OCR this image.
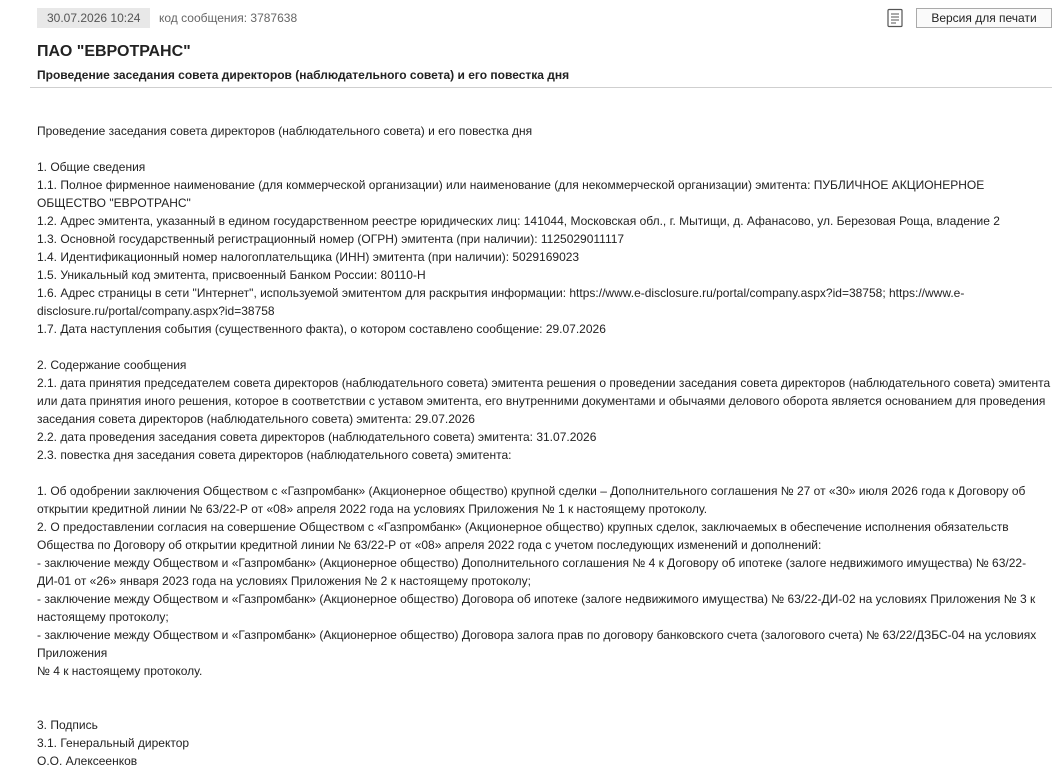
30.07.2026 10:24	код сообщения: 3787638	Версия для печати
ПАО "ЕВРОТРАНС"
Проведение заседания совета директоров (наблюдательного совета) и его повестка дня

Проведение заседания совета директоров (наблюдательного совета) и его повестка дня

1. Общие сведения

1.1. Полное фирменное наименование (для коммерческой организации) или наименование (для некоммерческой организации) эмитента: ПУБЛИЧНОЕ АКЦИОНЕРНОЕ ОБЩЕСТВО "ЕВРОТРАНС"

1.2. Адрес эмитента, указанный в едином государственном реестре юридических лиц: 141044, Московская обл., г. Мытищи, д. Афанасово, ул. Березовая Роща, владение 2

1.3. Основной государственный регистрационный номер (ОГРН) эмитента (при наличии): 1125029011117

1.4. Идентификационный номер налогоплательщика (ИНН) эмитента (при наличии): 5029169023

1.5. Уникальный код эмитента, присвоенный Банком России: 80110-H

1.6. Адрес страницы в сети "Интернет", используемой эмитентом для раскрытия информации: https://www.e-disclosure.ru/portal/company.aspx?id=38758; https://www.e-disclosure.ru/portal/company.aspx?id=38758

1.7. Дата наступления события (существенного факта), о котором составлено сообщение: 29.07.2026

2. Содержание сообщения

2.1. дата принятия председателем совета директоров (наблюдательного совета) эмитента решения о проведении заседания совета директоров (наблюдательного совета) эмитента или дата принятия иного решения, которое в соответствии с уставом эмитента, его внутренними документами и обычаями делового оборота является основанием для проведения заседания совета директоров (наблюдательного совета) эмитента: 29.07.2026

2.2. дата проведения заседания совета директоров (наблюдательного совета) эмитента: 31.07.2026

2.3. повестка дня заседания совета директоров (наблюдательного совета) эмитента:

1. Об одобрении заключения Обществом с «Газпромбанк» (Акционерное общество) крупной сделки – Дополнительного соглашения № 27 от «30» июля 2026 года к Договору об открытии кредитной линии № 63/22-Р от «08» апреля 2022 года на условиях Приложения № 1 к настоящему протоколу.

2. О предоставлении согласия на совершение Обществом с «Газпромбанк» (Акционерное общество) крупных сделок, заключаемых в обеспечение исполнения обязательств Общества по Договору об открытии кредитной линии № 63/22-Р от «08» апреля 2022 года с учетом последующих изменений и дополнений:

- заключение между Обществом и «Газпромбанк» (Акционерное общество) Дополнительного соглашения № 4 к Договору об ипотеке (залоге недвижимого имущества) № 63/22-ДИ-01 от «26» января 2023 года на условиях Приложения № 2 к настоящему протоколу;

- заключение между Обществом и «Газпромбанк» (Акционерное общество) Договора об ипотеке (залоге недвижимого имущества) № 63/22-ДИ-02 на условиях Приложения № 3 к настоящему протоколу;

- заключение между Обществом и «Газпромбанк» (Акционерное общество) Договора залога прав по договору банковского счета (залогового счета) № 63/22/ДЗБС-04 на условиях Приложения

№ 4 к настоящему протоколу.

3. Подпись

3.1. Генеральный директор

О.О. Алексеенков
